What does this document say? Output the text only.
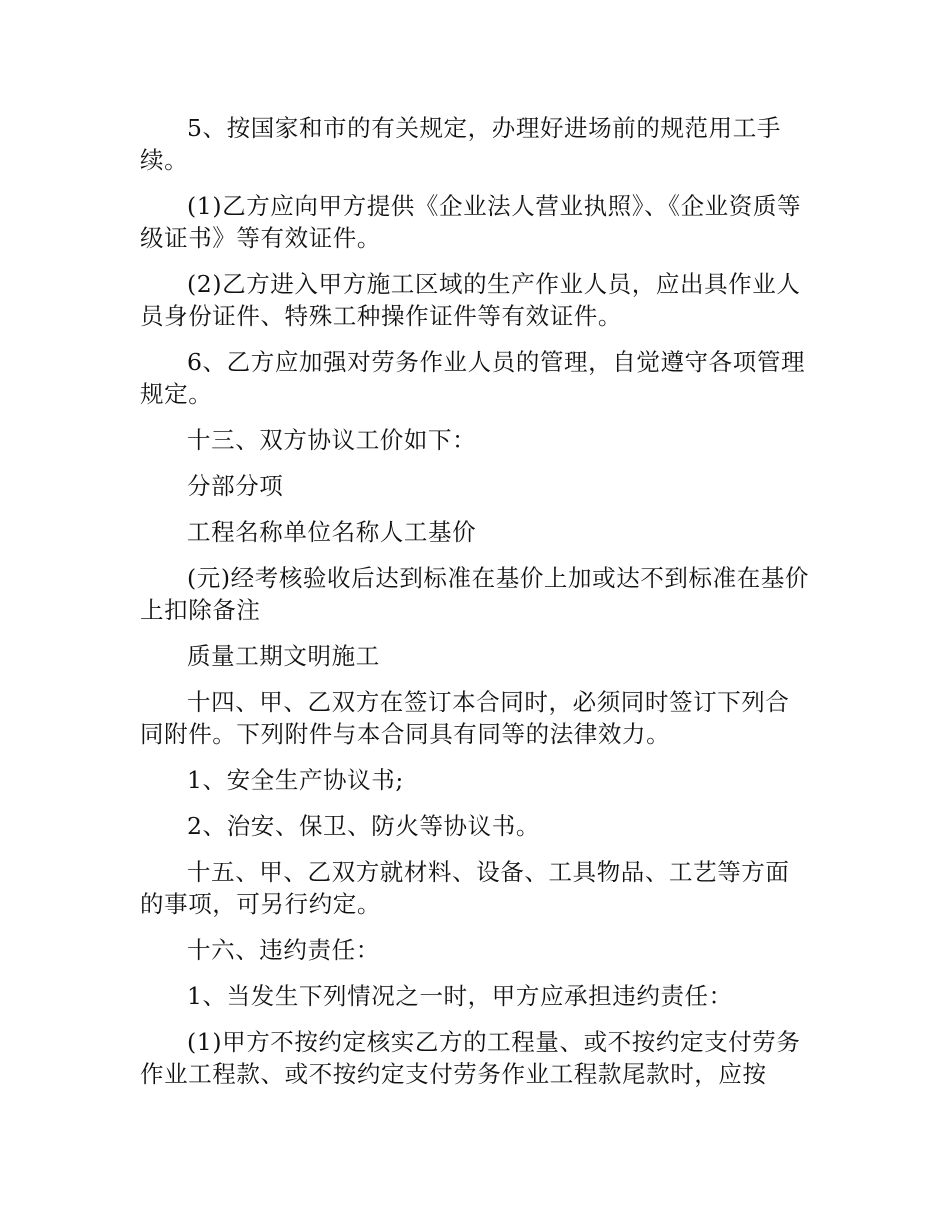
5、按国家和市的有关规定，办理好进场前的规范用工手续。

(1)乙方应向甲方提供《企业法人营业执照》、《企业资质等级证书》等有效证件。

(2)乙方进入甲方施工区域的生产作业人员，应出具作业人员身份证件、特殊工种操作证件等有效证件。

6、乙方应加强对劳务作业人员的管理，自觉遵守各项管理规定。

十三、双方协议工价如下：

分部分项

工程名称单位名称人工基价

(元)经考核验收后达到标准在基价上加或达不到标准在基价上扣除备注

质量工期文明施工

十四、甲、乙双方在签订本合同时，必须同时签订下列合同附件。下列附件与本合同具有同等的法律效力。

1、安全生产协议书;

2、治安、保卫、防火等协议书。

十五、甲、乙双方就材料、设备、工具物品、工艺等方面的事项，可另行约定。

十六、违约责任：

1、当发生下列情况之一时，甲方应承担违约责任：

(1)甲方不按约定核实乙方的工程量、或不按约定支付劳务作业工程款、或不按约定支付劳务作业工程款尾款时，应按
